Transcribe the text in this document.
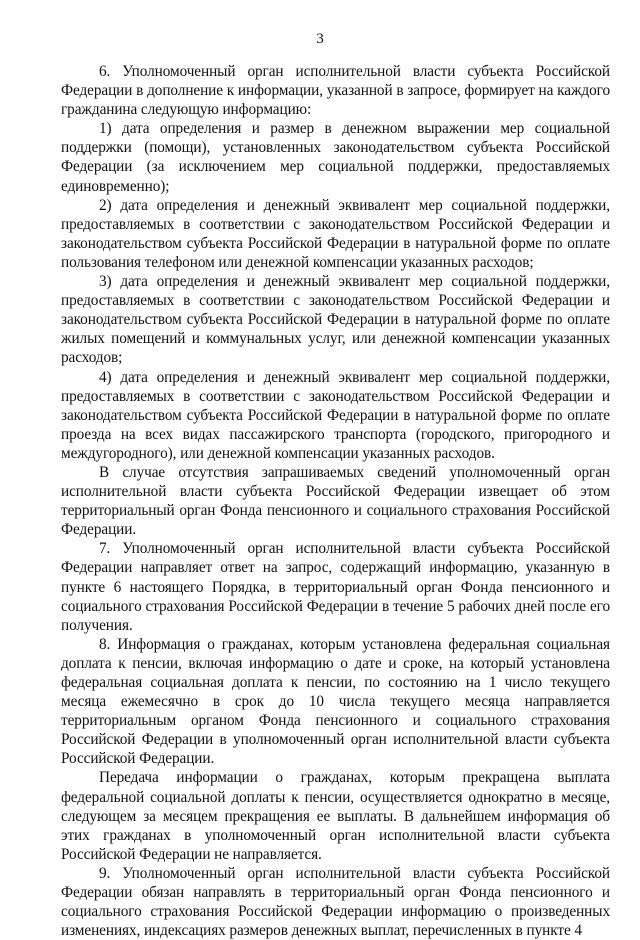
3

6. Уполномоченный орган исполнительной власти субъекта Российской Федерации в дополнение к информации, указанной в запросе, формирует на каждого гражданина следующую информацию:

1) дата определения и размер в денежном выражении мер социальной поддержки (помощи), установленных законодательством субъекта Российской Федерации (за исключением мер социальной поддержки, предоставляемых единовременно);

2) дата определения и денежный эквивалент мер социальной поддержки, предоставляемых в соответствии с законодательством Российской Федерации и законодательством субъекта Российской Федерации в натуральной форме по оплате пользования телефоном или денежной компенсации указанных расходов;

3) дата определения и денежный эквивалент мер социальной поддержки, предоставляемых в соответствии с законодательством Российской Федерации и законодательством субъекта Российской Федерации в натуральной форме по оплате жилых помещений и коммунальных услуг, или денежной компенсации указанных расходов;

4) дата определения и денежный эквивалент мер социальной поддержки, предоставляемых в соответствии с законодательством Российской Федерации и законодательством субъекта Российской Федерации в натуральной форме по оплате проезда на всех видах пассажирского транспорта (городского, пригородного и междугородного), или денежной компенсации указанных расходов.

В случае отсутствия запрашиваемых сведений уполномоченный орган исполнительной власти субъекта Российской Федерации извещает об этом территориальный орган Фонда пенсионного и социального страхования Российской Федерации.

7. Уполномоченный орган исполнительной власти субъекта Российской Федерации направляет ответ на запрос, содержащий информацию, указанную в пункте 6 настоящего Порядка, в территориальный орган Фонда пенсионного и социального страхования Российской Федерации в течение 5 рабочих дней после его получения.

8. Информация о гражданах, которым установлена федеральная социальная доплата к пенсии, включая информацию о дате и сроке, на который установлена федеральная социальная доплата к пенсии, по состоянию на 1 число текущего месяца ежемесячно в срок до 10 числа текущего месяца направляется территориальным органом Фонда пенсионного и социального страхования Российской Федерации в уполномоченный орган исполнительной власти субъекта Российской Федерации.

Передача информации о гражданах, которым прекращена выплата федеральной социальной доплаты к пенсии, осуществляется однократно в месяце, следующем за месяцем прекращения ее выплаты. В дальнейшем информация об этих гражданах в уполномоченный орган исполнительной власти субъекта Российской Федерации не направляется.

9. Уполномоченный орган исполнительной власти субъекта Российской Федерации обязан направлять в территориальный орган Фонда пенсионного и социального страхования Российской Федерации информацию о произведенных изменениях, индексациях размеров денежных выплат, перечисленных в пункте 4
